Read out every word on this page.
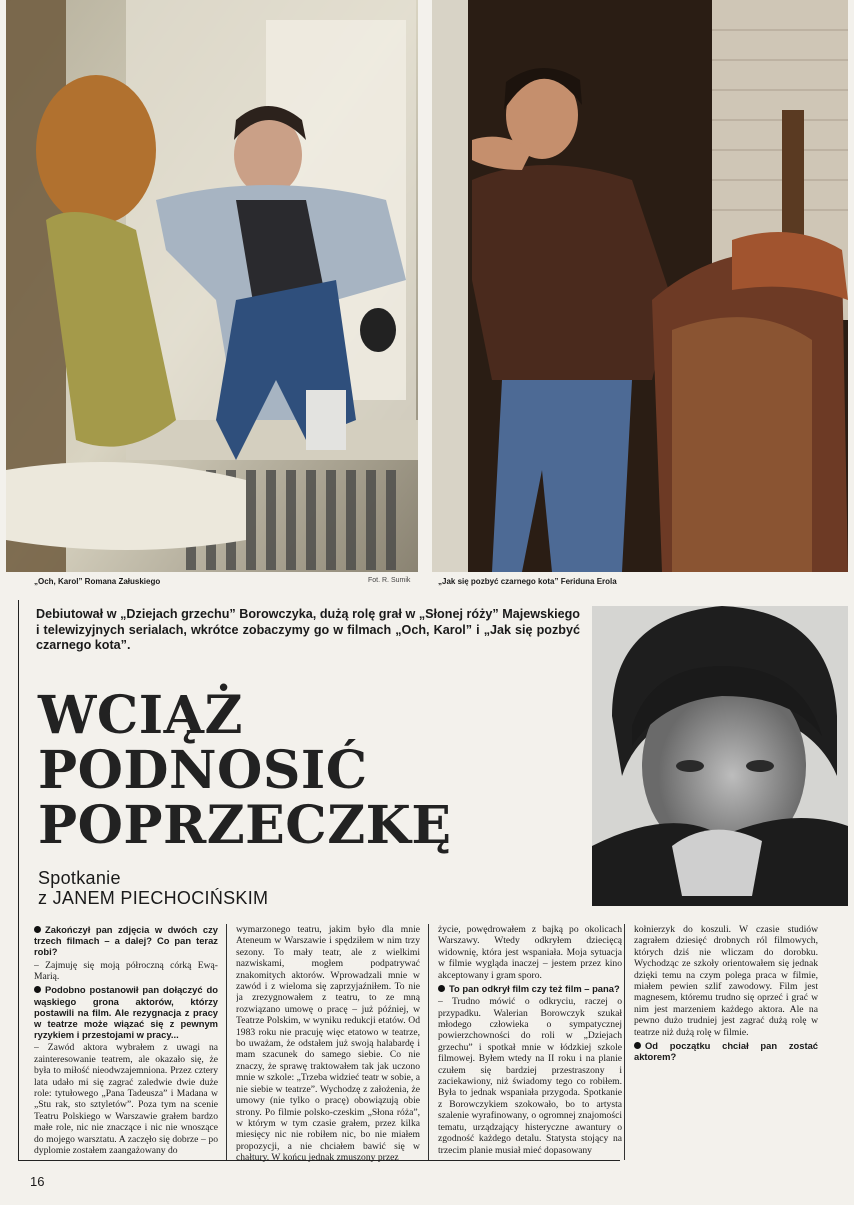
„Och, Karol” Romana Załuskiego	Fot. R. Sumik	„Jak się pozbyć czarnego kota” Feriduna Erola

Debiutował w „Dziejach grzechu” Borowczyka, dużą rolę grał w „Słonej róży” Majewskiego i telewizyjnych serialach, wkrótce zobaczymy go w filmach „Och, Karol” i „Jak się pozbyć czarnego kota”.

WCIĄŻ
PODNOSIĆ
POPRZECZKĘ
Spotkanie
z JANEM PIECHOCIŃSKIM

Zakończył pan zdjęcia w dwóch czy trzech filmach – a dalej? Co pan teraz robi?

– Zajmuję się moją półroczną córką Ewą-Marią.

Podobno postanowił pan dołączyć do wąskiego grona aktorów, którzy postawili na film. Ale rezygnacja z pracy w teatrze może wiązać się z pewnym ryzykiem i przestojami w pracy...

– Zawód aktora wybrałem z uwagi na zainteresowanie teatrem, ale okazało się, że była to miłość nieodwzajemniona. Przez cztery lata udało mi się zagrać zaledwie dwie duże role: tytułowego „Pana Tadeusza” i Madana w „Stu rak, sto sztyletów”. Poza tym na scenie Teatru Polskiego w Warszawie grałem bardzo małe role, nic nie znaczące i nic nie wnoszące do mojego warsztatu. A zaczęło się dobrze – po dyplomie zostałem zaangażowany do

wymarzonego teatru, jakim było dla mnie Ateneum w Warszawie i spędziłem w nim trzy sezony. To mały teatr, ale z wielkimi nazwiskami, mogłem podpatrywać znakomitych aktorów. Wprowadzali mnie w zawód i z wieloma się zaprzyjaźniłem. To nie ja zrezygnowałem z teatru, to ze mną rozwiązano umowę o pracę – już później, w Teatrze Polskim, w wyniku redukcji etatów. Od 1983 roku nie pracuję więc etatowo w teatrze, bo uważam, że odstałem już swoją halabardę i mam szacunek do samego siebie. Co nie znaczy, że sprawę traktowałem tak jak uczono mnie w szkole: „Trzeba widzieć teatr w sobie, a nie siebie w teatrze”. Wychodzę z założenia, że umowy (nie tylko o pracę) obowiązują obie strony. Po filmie polsko-czeskim „Słona róża”, w którym w tym czasie grałem, przez kilka miesięcy nic nie robiłem nic, bo nie miałem propozycji, a nie chciałem bawić się w chałtury. W końcu jednak zmuszony przez

życie, powędrowałem z bajką po okolicach Warszawy. Wtedy odkryłem dziecięcą widownię, która jest wspaniała. Moja sytuacja w filmie wygląda inaczej – jestem przez kino akceptowany i gram sporo.

To pan odkrył film czy też film – pana?

– Trudno mówić o odkryciu, raczej o przypadku. Walerian Borowczyk szukał młodego człowieka o sympatycznej powierzchowności do roli w „Dziejach grzechu” i spotkał mnie w łódzkiej szkole filmowej. Byłem wtedy na II roku i na planie czułem się bardziej przestraszony i zaciekawiony, niż świadomy tego co robiłem. Była to jednak wspaniała przygoda. Spotkanie z Borowczykiem szokowało, bo to artysta szalenie wyrafinowany, o ogromnej znajomości tematu, urządzający histeryczne awantury o zgodność każdego detalu. Statysta stojący na trzecim planie musiał mieć dopasowany

kołnierzyk do koszuli. W czasie studiów zagrałem dziesięć drobnych ról filmowych, których dziś nie wliczam do dorobku. Wychodząc ze szkoły orientowałem się jednak dzięki temu na czym polega praca w filmie, miałem pewien szlif zawodowy. Film jest magnesem, któremu trudno się oprzeć i grać w nim jest marzeniem każdego aktora. Ale na pewno dużo trudniej jest zagrać dużą rolę w teatrze niż dużą rolę w filmie.

Od początku chciał pan zostać aktorem?

16
